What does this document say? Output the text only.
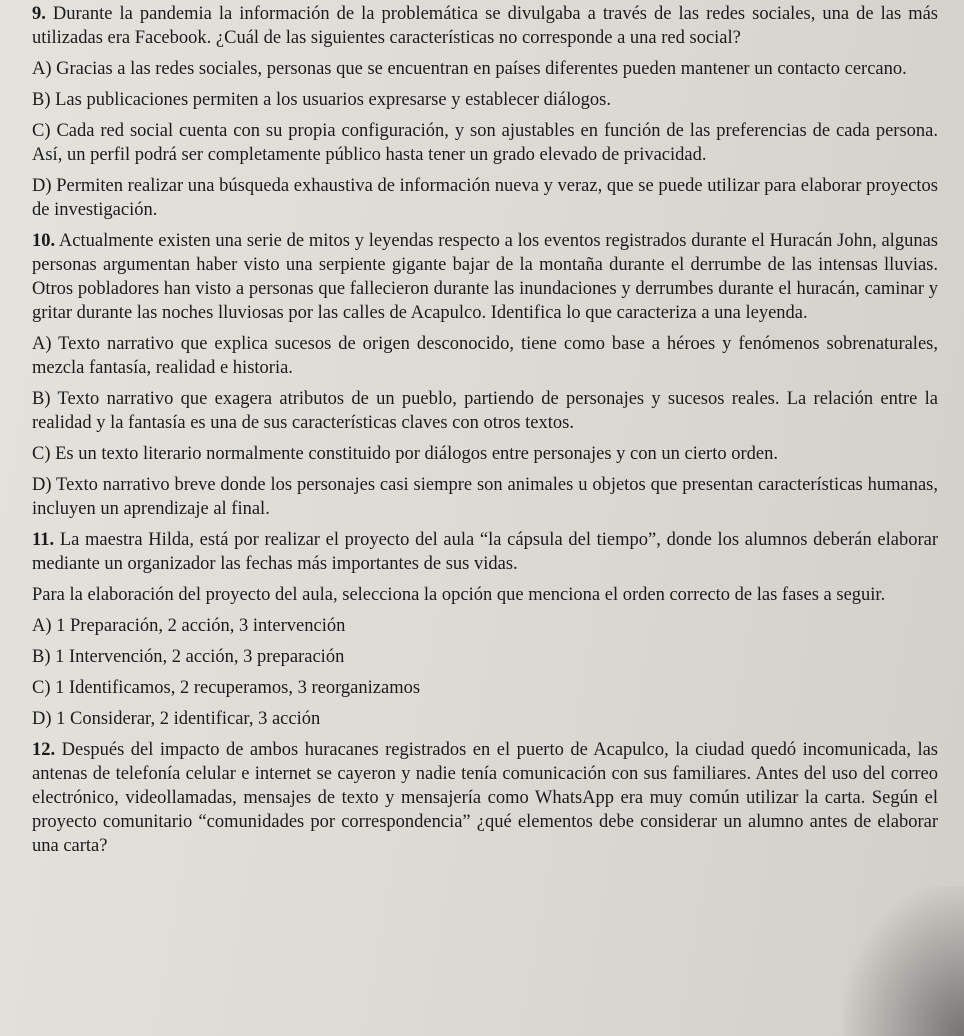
9. Durante la pandemia la información de la problemática se divulgaba a través de las redes sociales, una de las más utilizadas era Facebook. ¿Cuál de las siguientes características no corresponde a una red social?

A) Gracias a las redes sociales, personas que se encuentran en países diferentes pueden mantener un contacto cercano.

B) Las publicaciones permiten a los usuarios expresarse y establecer diálogos.

C) Cada red social cuenta con su propia configuración, y son ajustables en función de las preferencias de cada persona. Así, un perfil podrá ser completamente público hasta tener un grado elevado de privacidad.

D) Permiten realizar una búsqueda exhaustiva de información nueva y veraz, que se puede utilizar para elaborar proyectos de investigación.

10. Actualmente existen una serie de mitos y leyendas respecto a los eventos registrados durante el Huracán John, algunas personas argumentan haber visto una serpiente gigante bajar de la montaña durante el derrumbe de las intensas lluvias. Otros pobladores han visto a personas que fallecieron durante las inundaciones y derrumbes durante el huracán, caminar y gritar durante las noches lluviosas por las calles de Acapulco. Identifica lo que caracteriza a una leyenda.

A) Texto narrativo que explica sucesos de origen desconocido, tiene como base a héroes y fenómenos sobrenaturales, mezcla fantasía, realidad e historia.

B) Texto narrativo que exagera atributos de un pueblo, partiendo de personajes y sucesos reales. La relación entre la realidad y la fantasía es una de sus características claves con otros textos.

C) Es un texto literario normalmente constituido por diálogos entre personajes y con un cierto orden.

D) Texto narrativo breve donde los personajes casi siempre son animales u objetos que presentan características humanas, incluyen un aprendizaje al final.

11. La maestra Hilda, está por realizar el proyecto del aula “la cápsula del tiempo”, donde los alumnos deberán elaborar mediante un organizador las fechas más importantes de sus vidas.

Para la elaboración del proyecto del aula, selecciona la opción que menciona el orden correcto de las fases a seguir.

A) 1 Preparación, 2 acción, 3 intervención

B) 1 Intervención, 2 acción, 3 preparación

C) 1 Identificamos, 2 recuperamos, 3 reorganizamos

D) 1 Considerar, 2 identificar, 3 acción

12. Después del impacto de ambos huracanes registrados en el puerto de Acapulco, la ciudad quedó incomunicada, las antenas de telefonía celular e internet se cayeron y nadie tenía comunicación con sus familiares. Antes del uso del correo electrónico, videollamadas, mensajes de texto y mensajería como WhatsApp era muy común utilizar la carta. Según el proyecto comunitario “comunidades por correspondencia” ¿qué elementos debe considerar un alumno antes de elaborar una carta?
